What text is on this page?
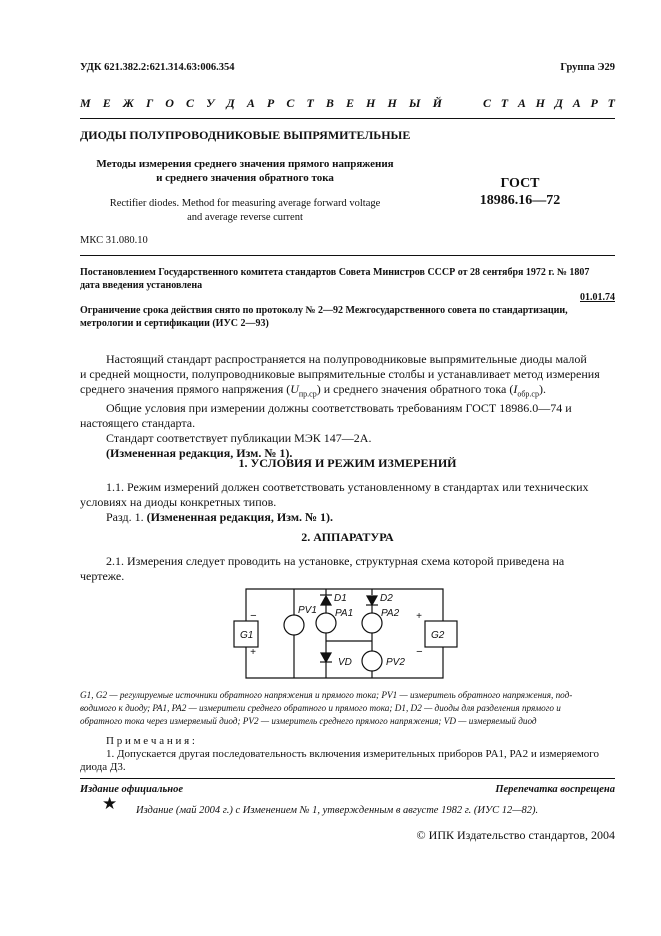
УДК 621.382.2:621.314.63:006.354	Группа Э29
М Е Ж Г О С У Д А Р С Т В Е Н Н Ы Й	С Т А Н Д А Р Т
ДИОДЫ ПОЛУПРОВОДНИКОВЫЕ ВЫПРЯМИТЕЛЬНЫЕ
Методы измерения среднего значения прямого напряжения
и среднего значения обратного тока
Rectifier diodes. Method for measuring average forward voltage
and average reverse current
ГОСТ
18986.16—72
МКС 31.080.10
Постановлением Государственного комитета стандартов Совета Министров СССР от 28 сентября 1972 г. № 1807
дата введения установлена
01.01.74
Ограничение срока действия снято по протоколу № 2—92 Межгосударственного совета по стандартизации,
метрологии и сертификации (ИУС 2—93)
Настоящий стандарт распространяется на полупроводниковые выпрямительные диоды малой
и средней мощности, полупроводниковые выпрямительные столбы и устанавливает метод измерения
среднего значения прямого напряжения $(U_{пр.ср})$ и среднего значения обратного тока $(I_{обр.ср})$.
Общие условия при измерении должны соответствовать требованиям ГОСТ 18986.0—74 и
настоящего стандарта.
Стандарт соответствует публикации МЭК 147—2А.
(Измененная редакция, Изм. № 1).
1. УСЛОВИЯ И РЕЖИМ ИЗМЕРЕНИЙ
1.1. Режим измерений должен соответствовать установленному в стандартах или технических
условиях на диоды конкретных типов.
Разд. 1. (Измененная редакция, Изм. № 1).
2. АППАРАТУРА
2.1. Измерения следует проводить на установке, структурная схема которой приведена на
чертеже.
G1
−
+
G2
+
−
PV1
D1
PA1
VD
D2
PA2
PV2
G1, G2 — регулируемые источники обратного напряжения и прямого тока; PV1 — измеритель обратного напряжения, под-
водимого к диоду; PA1, PA2 — измерители среднего обратного и прямого тока; D1, D2 — диоды для разделения прямого и
обратного тока через измеряемый диод; PV2 — измеритель среднего прямого напряжения; VD — измеряемый диод
П р и м е ч а н и я :
1. Допускается другая последовательность включения измерительных приборов PA1, PA2 и измеряемого
диода Д3.
Издание официальное	Перепечатка воспрещена
★ Издание (май 2004 г.) с Изменением № 1, утвержденным в августе 1982 г. (ИУС 12—82).
© ИПК Издательство стандартов, 2004
